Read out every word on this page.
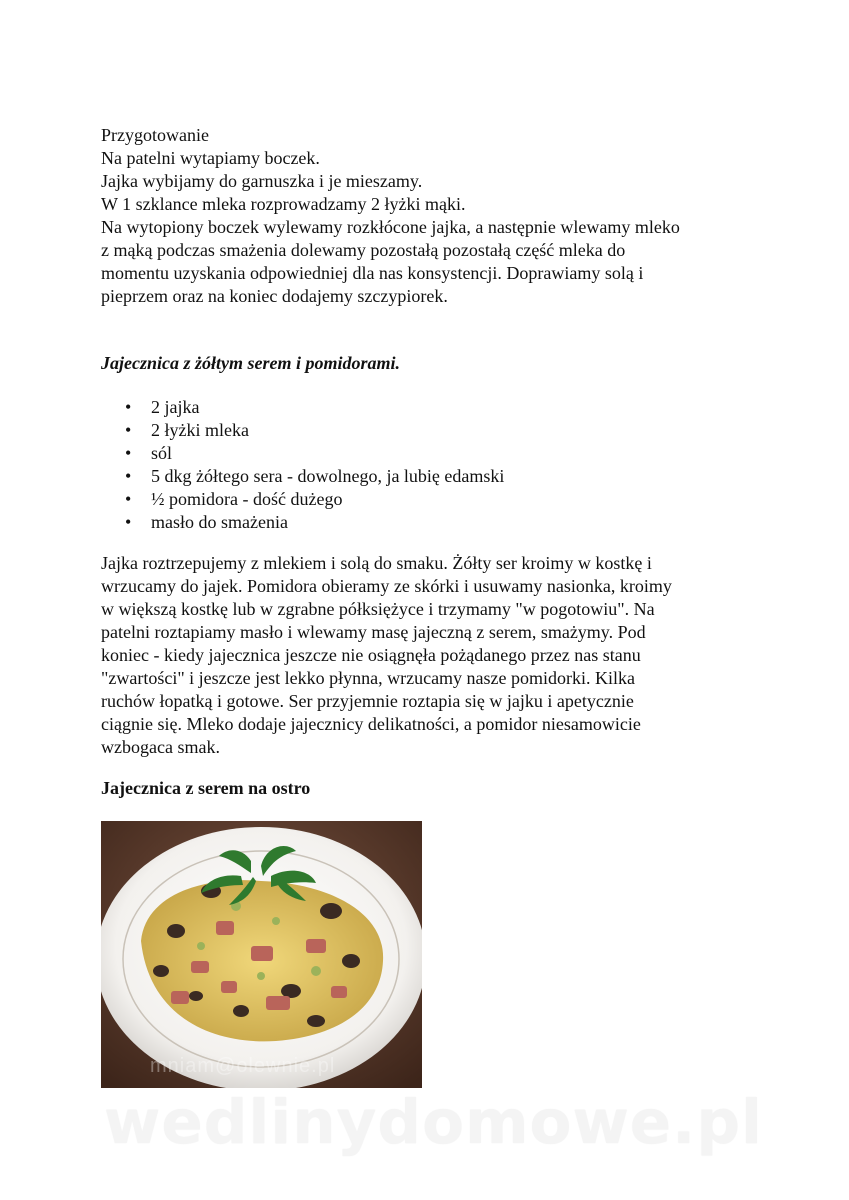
Przygotowanie
Na patelni wytapiamy boczek.
Jajka wybijamy do garnuszka i je mieszamy.
W 1 szklance mleka rozprowadzamy 2 łyżki mąki.
Na wytopiony boczek wylewamy rozkłócone jajka, a następnie wlewamy mleko
z mąką podczas smażenia dolewamy pozostałą pozostałą część mleka do
momentu uzyskania odpowiedniej dla nas konsystencji. Doprawiamy solą i
pieprzem oraz na koniec dodajemy szczypiorek.
Jajecznica z żółtym serem i pomidorami.
• 2 jajka
• 2 łyżki mleka
• sól
• 5 dkg żółtego sera - dowolnego, ja lubię edamski
• ½ pomidora - dość dużego
• masło do smażenia
Jajka roztrzepujemy z mlekiem i solą do smaku. Żółty ser kroimy w kostkę i
wrzucamy do jajek. Pomidora obieramy ze skórki i usuwamy nasionka, kroimy
w większą kostkę lub w zgrabne półksiężyce i trzymamy "w pogotowiu". Na
patelni roztapiamy masło i wlewamy masę jajeczną z serem, smażymy. Pod
koniec - kiedy jajecznica jeszcze nie osiągnęła pożądanego przez nas stanu
"zwartości" i jeszcze jest lekko płynna, wrzucamy nasze pomidorki. Kilka
ruchów łopatką i gotowe. Ser przyjemnie roztapia się w jajku i apetycznie
ciągnie się. Mleko dodaje jajecznicy delikatności, a pomidor niesamowicie
wzbogaca smak.
Jajecznica z serem na ostro
mniam@olewnie.pl
wedlinydomowe.pl
